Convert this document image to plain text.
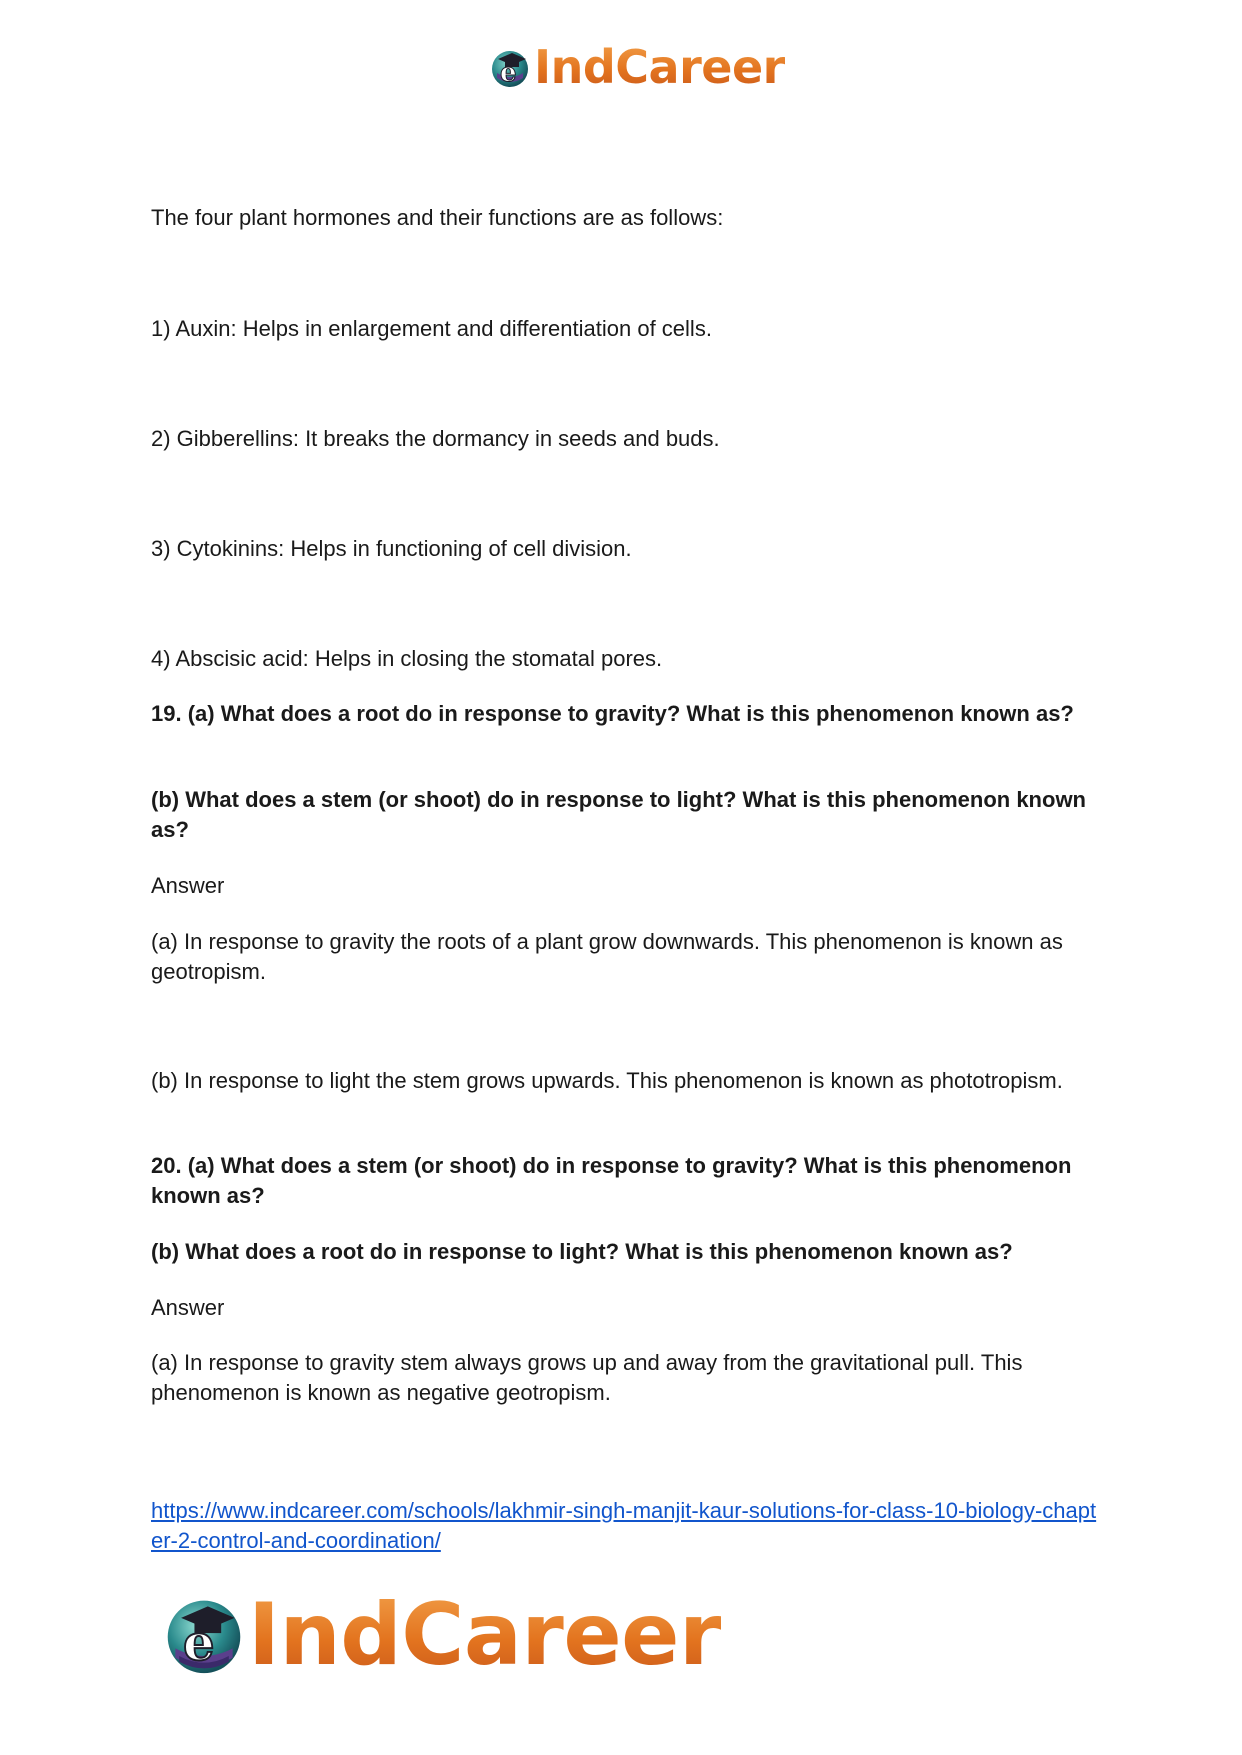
e IndCareer

The four plant hormones and their functions are as follows:

1) Auxin: Helps in enlargement and differentiation of cells.

2) Gibberellins: It breaks the dormancy in seeds and buds.

3) Cytokinins: Helps in functioning of cell division.

4) Abscisic acid: Helps in closing the stomatal pores.

19. (a) What does a root do in response to gravity? What is this phenomenon known as?

(b) What does a stem (or shoot) do in response to light? What is this phenomenon known as?

Answer

(a) In response to gravity the roots of a plant grow downwards. This phenomenon is known as geotropism.

(b) In response to light the stem grows upwards. This phenomenon is known as phototropism.

20. (a) What does a stem (or shoot) do in response to gravity? What is this phenomenon known as?

(b) What does a root do in response to light? What is this phenomenon known as?

Answer

(a) In response to gravity stem always grows up and away from the gravitational pull. This phenomenon is known as negative geotropism.

https://www.indcareer.com/schools/lakhmir-singh-manjit-kaur-solutions-for-class-10-biology-chapter-2-control-and-coordination/
e IndCareer
